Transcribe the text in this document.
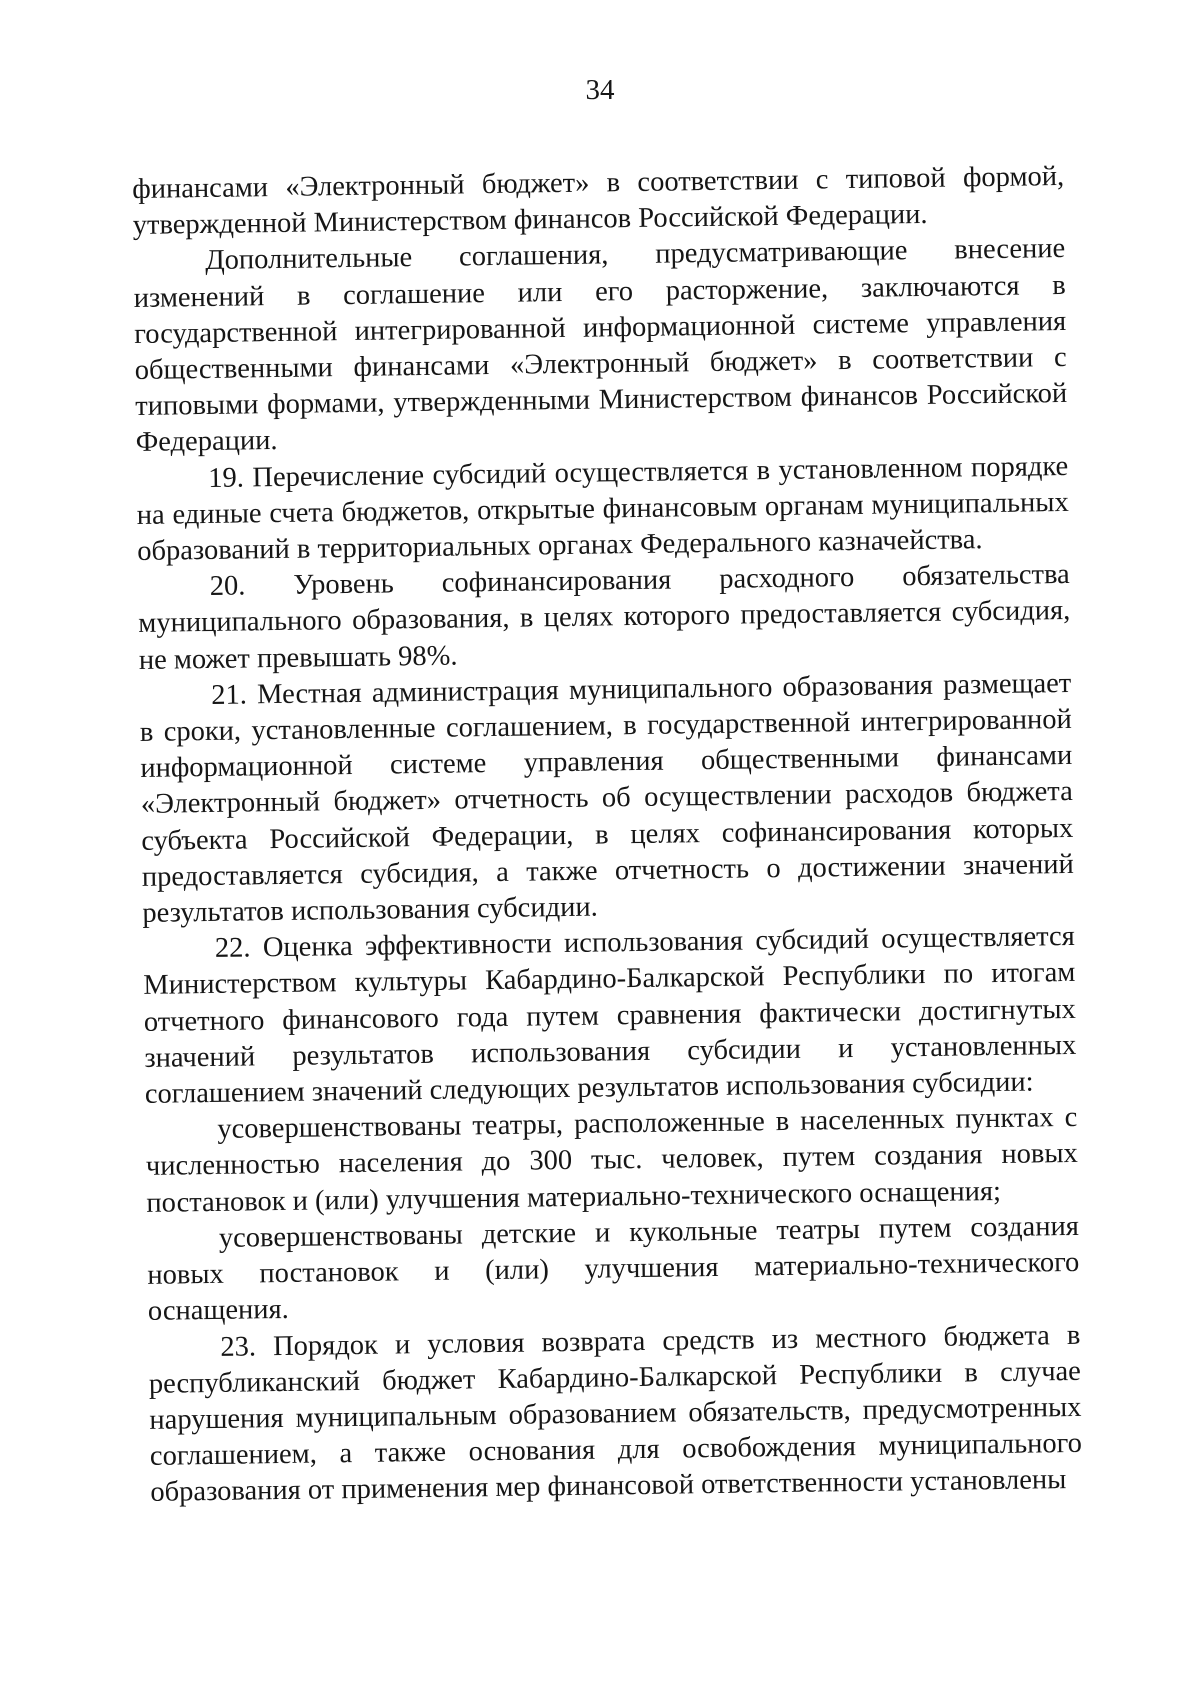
34

финансами «Электронный бюджет» в соответствии с типовой формой, утвержденной Министерством финансов Российской Федерации.

Дополнительные соглашения, предусматривающие внесение изменений в соглашение или его расторжение, заключаются в государственной интегрированной информационной системе управления общественными финансами «Электронный бюджет» в соответствии с типовыми формами, утвержденными Министерством финансов Российской Федерации.

19. Перечисление субсидий осуществляется в установленном порядке на единые счета бюджетов, открытые финансовым органам муниципальных образований в территориальных органах Федерального казначейства.

20. Уровень софинансирования расходного обязательства муниципального образования, в целях которого предоставляется субсидия, не может превышать 98%.

21. Местная администрация муниципального образования размещает в сроки, установленные соглашением, в государственной интегрированной информационной системе управления общественными финансами «Электронный бюджет» отчетность об осуществлении расходов бюджета субъекта Российской Федерации, в целях софинансирования которых предоставляется субсидия, а также отчетность о достижении значений результатов использования субсидии.

22. Оценка эффективности использования субсидий осуществляется Министерством культуры Кабардино-Балкарской Республики по итогам отчетного финансового года путем сравнения фактически достигнутых значений результатов использования субсидии и установленных соглашением значений следующих результатов использования субсидии:

усовершенствованы театры, расположенные в населенных пунктах с численностью населения до 300 тыс. человек, путем создания новых постановок и (или) улучшения материально-технического оснащения;

усовершенствованы детские и кукольные театры путем создания новых постановок и (или) улучшения материально-технического оснащения.

23. Порядок и условия возврата средств из местного бюджета в республиканский бюджет Кабардино-Балкарской Республики в случае нарушения муниципальным образованием обязательств, предусмотренных соглашением, а также основания для освобождения муниципального образования от применения мер финансовой ответственности установлены
